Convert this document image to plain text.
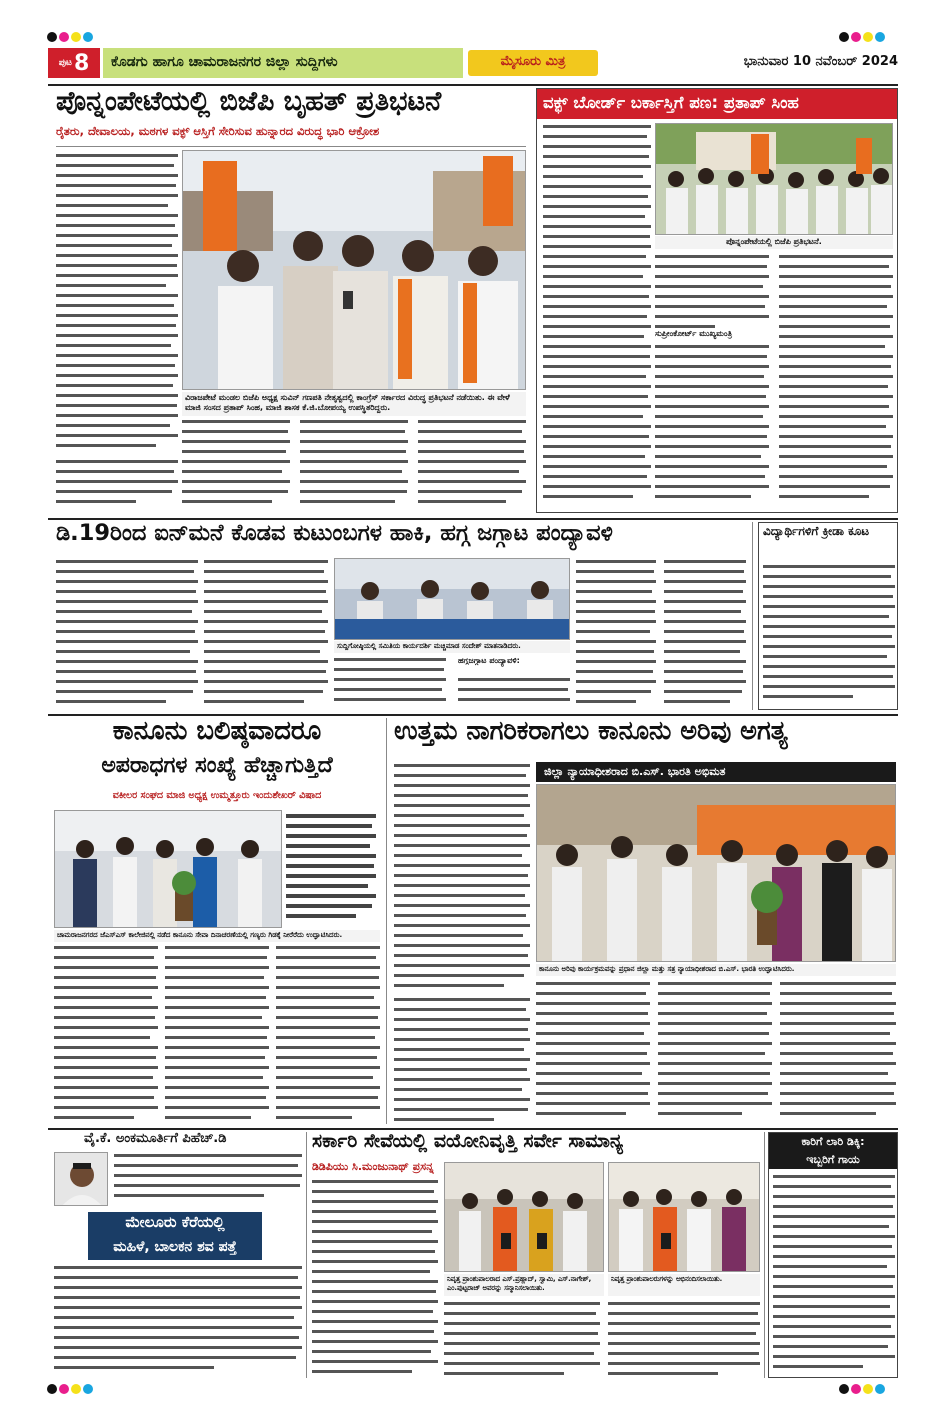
ಪುಟ 8	ಕೊಡಗು ಹಾಗೂ ಚಾಮರಾಜನಗರ ಜಿಲ್ಲಾ ಸುದ್ದಿಗಳು	ಮೈಸೂರು ಮಿತ್ರ	ಭಾನುವಾರ 10 ನವೆಂಬರ್ 2024
ಪೊನ್ನಂಪೇಟೆಯಲ್ಲಿ ಬಿಜೆಪಿ ಬೃಹತ್ ಪ್ರತಿಭಟನೆ
ರೈತರು, ದೇವಾಲಯ, ಮಠಗಳ ವಕ್ಫ್ ಆಸ್ತಿಗೆ ಸೇರಿಸುವ ಹುನ್ನಾರದ ವಿರುದ್ಧ ಭಾರಿ ಆಕ್ರೋಶ
ವಿರಾಜಪೇಟೆ ಮಂಡಲ ಬಿಜೆಪಿ ಅಧ್ಯಕ್ಷ ಸುವಿನ್ ಗಣಪತಿ ನೇತೃತ್ವದಲ್ಲಿ ಕಾಂಗ್ರೆಸ್ ಸರ್ಕಾರದ ವಿರುದ್ಧ ಪ್ರತಿಭಟನೆ ನಡೆಯಿತು. ಈ ವೇಳೆ ಮಾಜಿ ಸಂಸದ ಪ್ರತಾಪ್ ಸಿಂಹ, ಮಾಜಿ ಶಾಸಕ ಕೆ.ಜಿ.ಬೋಪಯ್ಯ ಉಪಸ್ಥಿತರಿದ್ದರು.
ವಕ್ಫ್ ಬೋರ್ಡ್ ಬರ್ಕಾಸ್ತಿಗೆ ಪಣ: ಪ್ರತಾಪ್ ಸಿಂಹ
ಪೊನ್ನಂಪೇಟೆಯಲ್ಲಿ ಬಿಜೆಪಿ ಪ್ರತಿಭಟನೆ.
ಸುಪ್ರೀಂಕೋರ್ಟ್ ಮುಖ್ಯಮಂತ್ರಿ
ಡಿ.19ರಿಂದ ಐನ್‌ಮನೆ ಕೊಡವ ಕುಟುಂಬಗಳ ಹಾಕಿ, ಹಗ್ಗ ಜಗ್ಗಾಟ ಪಂದ್ಯಾವಳಿ
ಸುದ್ದಿಗೋಷ್ಠಿಯಲ್ಲಿ ಸಮಿತಿಯ ಕಾರ್ಯದರ್ಶಿ ಮಚ್ಚಿಮಾಡ ಸಂದೇಶ್ ಮಾತನಾಡಿದರು.
ಹಗ್ಗಜಗ್ಗಾಟ ಪಂದ್ಯಾವಳಿ:
ವಿದ್ಯಾರ್ಥಿಗಳಿಗೆ ಕ್ರೀಡಾ ಕೂಟ
ಕಾನೂನು ಬಲಿಷ್ಠವಾದರೂ
ಅಪರಾಧಗಳ ಸಂಖ್ಯೆ ಹೆಚ್ಚಾಗುತ್ತಿದೆ
ವಕೀಲರ ಸಂಘದ ಮಾಜಿ ಅಧ್ಯಕ್ಷ ಉಮ್ಮತ್ತೂರು ಇಂದುಶೇಖರ್ ವಿಷಾದ
ಚಾಮರಾಜನಗರದ ಜೆಎಸ್‌ಎಸ್ ಕಾಲೇಜಿನಲ್ಲಿ ನಡೆದ ಕಾನೂನು ಸೇವಾ ದಿನಾಚರಣೆಯಲ್ಲಿ ಗಣ್ಯರು ಗಿಡಕ್ಕೆ ನೀರೆರೆದು ಉದ್ಘಾಟಿಸಿದರು.
ಉತ್ತಮ ನಾಗರಿಕರಾಗಲು ಕಾನೂನು ಅರಿವು ಅಗತ್ಯ
ಜಿಲ್ಲಾ ನ್ಯಾಯಾಧೀಶರಾದ ಬಿ.ಎಸ್. ಭಾರತಿ ಅಭಿಮತ
ಕಾನೂನು ಅರಿವು ಕಾರ್ಯಕ್ರಮವನ್ನು ಪ್ರಧಾನ ಜಿಲ್ಲಾ ಮತ್ತು ಸತ್ರ ನ್ಯಾಯಾಧೀಶರಾದ ಬಿ.ಎಸ್. ಭಾರತಿ ಉದ್ಘಾಟಿಸಿದರು.
ವೈ.ಕೆ. ಅಂಕಮೂರ್ತಿಗೆ ಪಿಹೆಚ್.ಡಿ
ಮೇಲೂರು ಕೆರೆಯಲ್ಲಿ
ಮಹಿಳೆ, ಬಾಲಕನ ಶವ ಪತ್ತೆ
ಸರ್ಕಾರಿ ಸೇವೆಯಲ್ಲಿ ವಯೋನಿವೃತ್ತಿ ಸರ್ವೇ ಸಾಮಾನ್ಯ
ಡಿಡಿಪಿಯು ಸಿ.ಮಂಜುನಾಥ್ ಪ್ರಸನ್ನ
ನಿವೃತ್ತ ಪ್ರಾಂಶುಪಾಲರಾದ ಎಸ್.ಪ್ರಹ್ಲಾದ್, ಸ್ವಾಮಿ, ಎಸ್.ನಾಗೇಶ್, ಎಂ.ಪುಟ್ಟರಾಜ್ ಅವರನ್ನು ಸನ್ಮಾನಿಸಲಾಯಿತು.
ನಿವೃತ್ತ ಪ್ರಾಂಶುಪಾಲರುಗಳನ್ನು ಅಭಿನಂದಿಸಲಾಯಿತು.
ಕಾರಿಗೆ ಲಾರಿ ಡಿಕ್ಕಿ:
ಇಬ್ಬರಿಗೆ ಗಾಯ
